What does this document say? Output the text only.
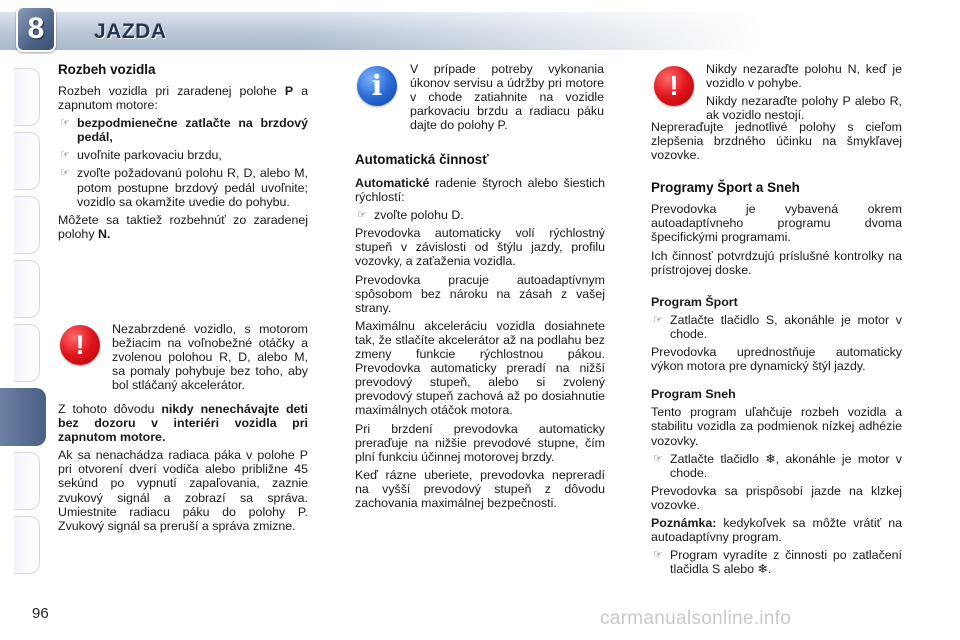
8	JAZDA
Rozbeh vozidla

Rozbeh vozidla pri zaradenej polohe P a zapnutom motore:

☞ bezpodmienečne zatlačte na brzdový pedál,
☞ uvoľnite parkovaciu brzdu,
☞ zvoľte požadovanú polohu R, D, alebo M, potom postupne brzdový pedál uvoľnite; vozidlo sa okamžite uvedie do pohybu.

Môžete sa taktiež rozbehnúť zo zaradenej polohy N.

!	Nezabrzdené vozidlo, s motorom bežiacim na voľnobežné otáčky a zvolenou polohou R, D, alebo M, sa pomaly pohybuje bez toho, aby bol stláčaný akcelerátor.

Z tohoto dôvodu nikdy nenechávajte deti bez dozoru v interiéri vozidla pri zapnutom motore.

Ak sa nenachádza radiaca páka v polohe P pri otvorení dverí vodiča alebo približne 45 sekúnd po vypnutí zapaľovania, zaznie zvukový signál a zobrazí sa správa. Umiestnite radiacu páku do polohy P. Zvukový signál sa preruší a správa zmizne.

i	V prípade potreby vykonania úkonov servisu a údržby pri motore v chode zatiahnite na vozidle parkovaciu brzdu a radiacu páku dajte do polohy P.

Automatická činnosť

Automatické radenie štyroch alebo šiestich rýchlostí:

☞ zvoľte polohu D.

Prevodovka automaticky volí rýchlostný stupeň v závislosti od štýlu jazdy, profilu vozovky, a zaťaženia vozidla.

Prevodovka pracuje autoadaptívnym spôsobom bez nároku na zásah z vašej strany.

Maximálnu akceleráciu vozidla dosiahnete tak, že stlačíte akcelerátor až na podlahu bez zmeny funkcie rýchlostnou pákou. Prevodovka automaticky preradí na nižší prevodový stupeň, alebo si zvolený prevodový stupeň zachová až po dosiahnutie maximálnych otáčok motora.

Pri brzdení prevodovka automaticky preraďuje na nižšie prevodové stupne, čím plní funkciu účinnej motorovej brzdy.

Keď rázne uberiete, prevodovka nepreradí na vyšší prevodový stupeň z dôvodu zachovania maximálnej bezpečnosti.

!

Nikdy nezaraďte polohu N, keď je vozidlo v pohybe.

Nikdy nezaraďte polohy P alebo R, ak vozidlo nestojí.

Nepreraďujte jednotlivé polohy s cieľom zlepšenia brzdného účinku na šmykľavej vozovke.

Programy Šport a Sneh

Prevodovka je vybavená okrem autoadaptívneho programu dvoma špecifickými programami.

Ich činnosť potvrdzujú príslušné kontrolky na prístrojovej doske.

Program Šport

☞ Zatlačte tlačidlo S, akonáhle je motor v chode.

Prevodovka uprednostňuje automaticky výkon motora pre dynamický štýl jazdy.

Program Sneh

Tento program uľahčuje rozbeh vozidla a stabilitu vozidla za podmienok nízkej adhézie vozovky.

☞ Zatlačte tlačidlo ❄, akonáhle je motor v chode.

Prevodovka sa prispôsobí jazde na klzkej vozovke.

Poznámka: kedykoľvek sa môžte vrátiť na autoadaptívny program.

☞ Program vyradíte z činnosti po zatlačení tlačidla S alebo ❄.
96	carmanualsonline.info
